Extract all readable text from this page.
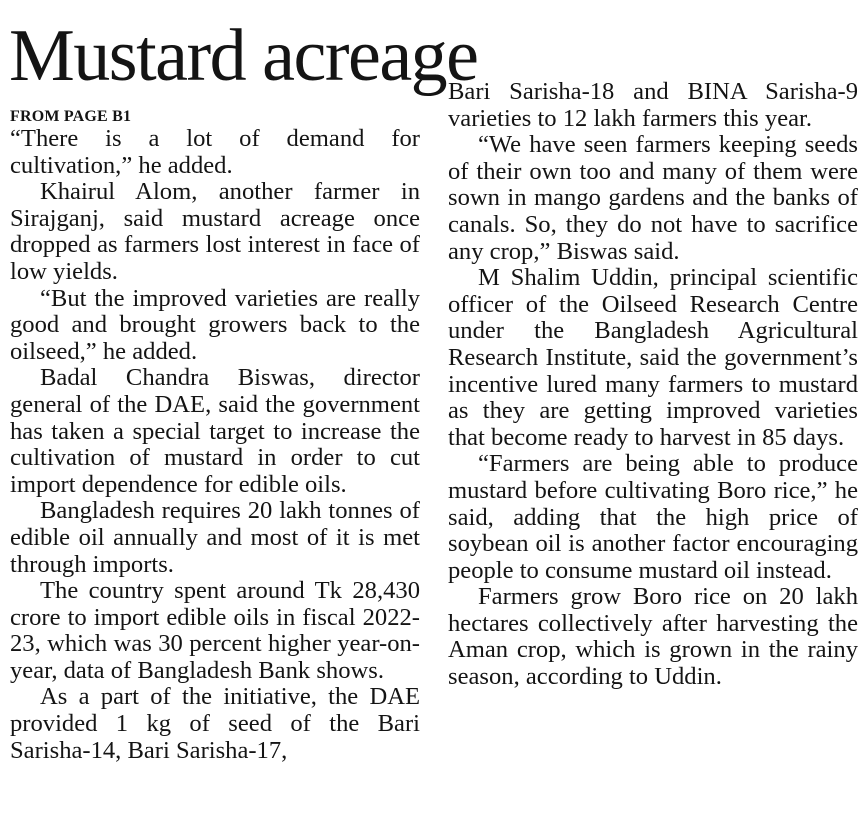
Mustard acreage
FROM PAGE B1

“There is a lot of demand for cultivation,” he added.

Khairul Alom, another farmer in Sirajganj, said mustard acreage once dropped as farmers lost interest in face of low yields.

“But the improved varieties are really good and brought growers back to the oilseed,” he added.

Badal Chandra Biswas, director general of the DAE, said the government has taken a special target to increase the cultivation of mustard in order to cut import dependence for edible oils.

Bangladesh requires 20 lakh tonnes of edible oil annually and most of it is met through imports.

The country spent around Tk 28,430 crore to import edible oils in fiscal 2022-23, which was 30 percent higher year-on-year, data of Bangladesh Bank shows.

As a part of the initiative, the DAE provided 1 kg of seed of the Bari Sarisha-14, Bari Sarisha-17,

Bari Sarisha-18 and BINA Sarisha-9 varieties to 12 lakh farmers this year.

“We have seen farmers keeping seeds of their own too and many of them were sown in mango gardens and the banks of canals. So, they do not have to sacrifice any crop,” Biswas said.

M Shalim Uddin, principal scientific officer of the Oilseed Research Centre under the Bangladesh Agricultural Research Institute, said the government’s incentive lured many farmers to mustard as they are getting improved varieties that become ready to harvest in 85 days.

“Farmers are being able to produce mustard before cultivating Boro rice,” he said, adding that the high price of soybean oil is another factor encouraging people to consume mustard oil instead.

Farmers grow Boro rice on 20 lakh hectares collectively after harvesting the Aman crop, which is grown in the rainy season, according to Uddin.
